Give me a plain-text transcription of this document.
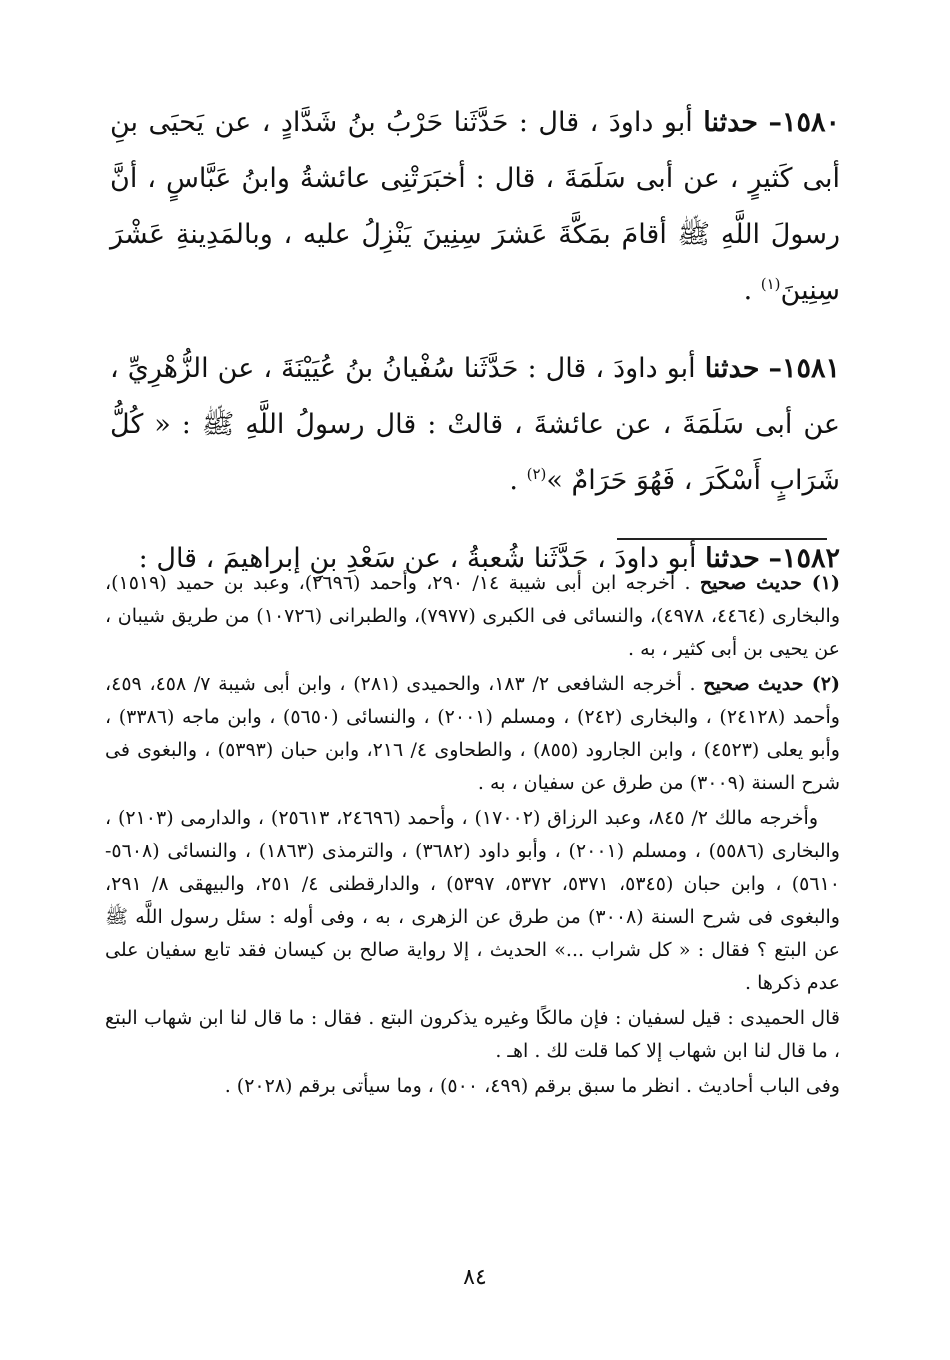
١٥٨٠– حدثنا أبو داودَ ، قال : حَدَّثَنا حَرْبُ بنُ شَدَّادٍ ، عن يَحيَى بنِ أبى كَثيرٍ ، عن أبى سَلَمَةَ ، قال : أخبَرَتْنِى عائشةُ وابنُ عَبَّاسٍ ، أنَّ رسولَ اللَّهِ ﷺ أقامَ بمَكَّةَ عَشرَ سِنِينَ يَنْزِلُ عليه ، وبالمَدِينةِ عَشْرَ سِنِينَ$^{(١)}$ .

١٥٨١– حدثنا أبو داودَ ، قال : حَدَّثَنا سُفْيانُ بنُ عُيَيْنَةَ ، عن الزُّهْرِيِّ ، عن أبى سَلَمَةَ ، عن عائشةَ ، قالتْ : قال رسولُ اللَّهِ ﷺ : « كُلُّ شَرَابٍ أَسْكَرَ ، فَهُوَ حَرَامٌ »$^{(٢)}$ .

١٥٨٢– حدثنا أبو داودَ ، حَدَّثَنا شُعبةُ ، عن سَعْدِ بنِ إبراهيمَ ، قال :

(١) حديث صحيح . أخرجه ابن أبى شيبة ١٤/ ٢٩٠، وأحمد (٢٦٩٦)، وعبد بن حميد (١٥١٩)، والبخارى (٤٤٦٤، ٤٩٧٨)، والنسائى فى الكبرى (٧٩٧٧)، والطبرانى (١٠٧٢٦) من طريق شيبان ، عن يحيى بن أبى كثير ، به .

(٢) حديث صحيح . أخرجه الشافعى ٢/ ١٨٣، والحميدى (٢٨١) ، وابن أبى شيبة ٧/ ٤٥٨، ٤٥٩، وأحمد (٢٤١٢٨) ، والبخارى (٢٤٢) ، ومسلم (٢٠٠١) ، والنسائى (٥٦٥٠) ، وابن ماجه (٣٣٨٦) ، وأبو يعلى (٤٥٢٣) ، وابن الجارود (٨٥٥) ، والطحاوى ٤/ ٢١٦، وابن حبان (٥٣٩٣) ، والبغوى فى شرح السنة (٣٠٠٩) من طرق عن سفيان ، به .

وأخرجه مالك ٢/ ٨٤٥، وعبد الرزاق (١٧٠٠٢) ، وأحمد (٢٤٦٩٦، ٢٥٦١٣) ، والدارمى (٢١٠٣) ، والبخارى (٥٥٨٦) ، ومسلم (٢٠٠١) ، وأبو داود (٣٦٨٢) ، والترمذى (١٨٦٣) ، والنسائى (٥٦٠٨- ٥٦١٠) ، وابن حبان (٥٣٤٥، ٥٣٧١، ٥٣٧٢، ٥٣٩٧) ، والدارقطنى ٤/ ٢٥١، والبيهقى ٨/ ٢٩١، والبغوى فى شرح السنة (٣٠٠٨) من طرق عن الزهرى ، به ، وفى أوله : سئل رسول اللَّه ﷺ عن البتع ؟ فقال : « كل شراب ...» الحديث ، إلا رواية صالح بن كيسان فقد تابع سفيان على عدم ذكرها .

قال الحميدى : قيل لسفيان : فإن مالكًا وغيره يذكرون البتع . فقال : ما قال لنا ابن شهاب البتع ، ما قال لنا ابن شهاب إلا كما قلت لك . اهـ .

وفى الباب أحاديث . انظر ما سبق برقم (٤٩٩، ٥٠٠) ، وما سيأتى برقم (٢٠٢٨) .

٨٤
